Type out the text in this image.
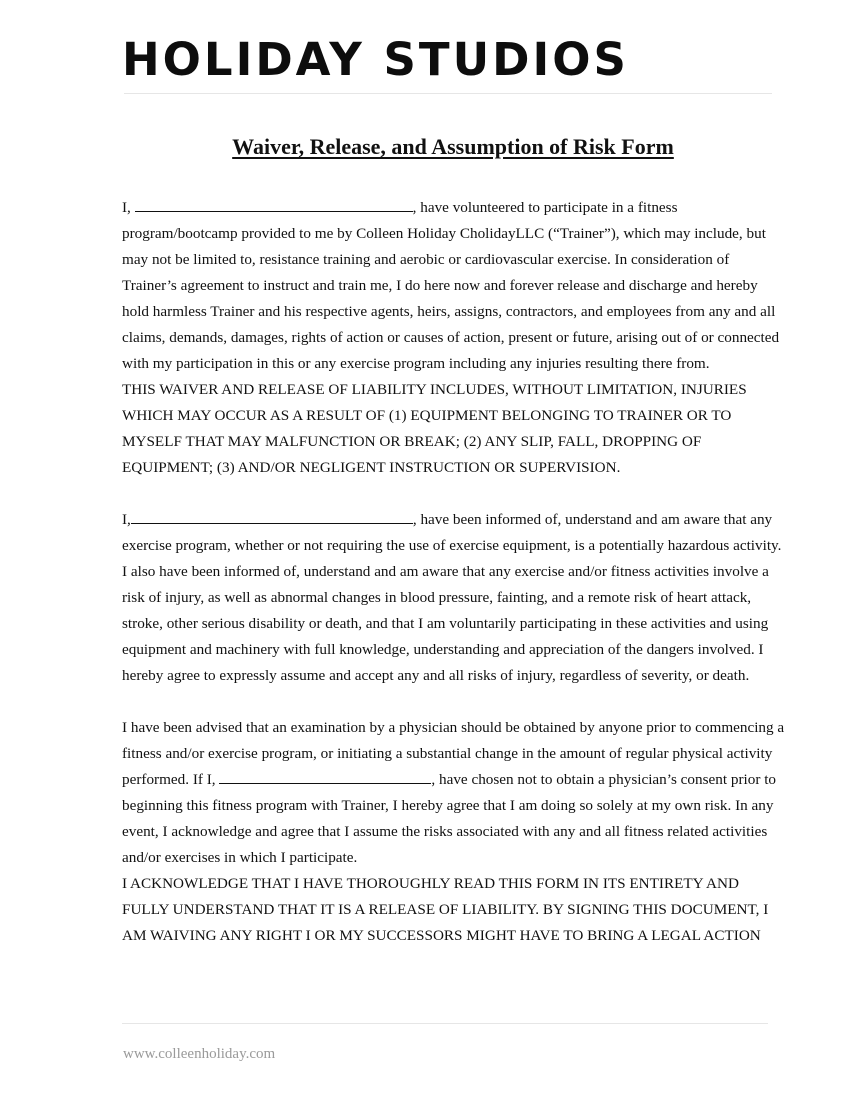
HOLIDAY STUDIOS
Waiver, Release, and Assumption of Risk Form
I,	, have volunteered to participate in a fitness
program/bootcamp provided to me by Colleen Holiday CholidayLLC (“Trainer”), which may include, but
may not be limited to, resistance training and aerobic or cardiovascular exercise. In consideration of
Trainer’s agreement to instruct and train me, I do here now and forever release and discharge and hereby
hold harmless Trainer and his respective agents, heirs, assigns, contractors, and employees from any and all
claims, demands, damages, rights of action or causes of action, present or future, arising out of or connected
with my participation in this or any exercise program including any injuries resulting there from.
THIS WAIVER AND RELEASE OF LIABILITY INCLUDES, WITHOUT LIMITATION, INJURIES
WHICH MAY OCCUR AS A RESULT OF (1) EQUIPMENT BELONGING TO TRAINER OR TO
MYSELF THAT MAY MALFUNCTION OR BREAK; (2) ANY SLIP, FALL, DROPPING OF
EQUIPMENT; (3) AND/OR NEGLIGENT INSTRUCTION OR SUPERVISION.
I,	, have been informed of, understand and am aware that any
exercise program, whether or not requiring the use of exercise equipment, is a potentially hazardous activity.
I also have been informed of, understand and am aware that any exercise and/or fitness activities involve a
risk of injury, as well as abnormal changes in blood pressure, fainting, and a remote risk of heart attack,
stroke, other serious disability or death, and that I am voluntarily participating in these activities and using
equipment and machinery with full knowledge, understanding and appreciation of the dangers involved. I
hereby agree to expressly assume and accept any and all risks of injury, regardless of severity, or death.
I have been advised that an examination by a physician should be obtained by anyone prior to commencing a
fitness and/or exercise program, or initiating a substantial change in the amount of regular physical activity
performed. If I,	, have chosen not to obtain a physician’s consent prior to
beginning this fitness program with Trainer, I hereby agree that I am doing so solely at my own risk. In any
event, I acknowledge and agree that I assume the risks associated with any and all fitness related activities
and/or exercises in which I participate.
I ACKNOWLEDGE THAT I HAVE THOROUGHLY READ THIS FORM IN ITS ENTIRETY AND
FULLY UNDERSTAND THAT IT IS A RELEASE OF LIABILITY. BY SIGNING THIS DOCUMENT, I
AM WAIVING ANY RIGHT I OR MY SUCCESSORS MIGHT HAVE TO BRING A LEGAL ACTION
www.colleenholiday.com
